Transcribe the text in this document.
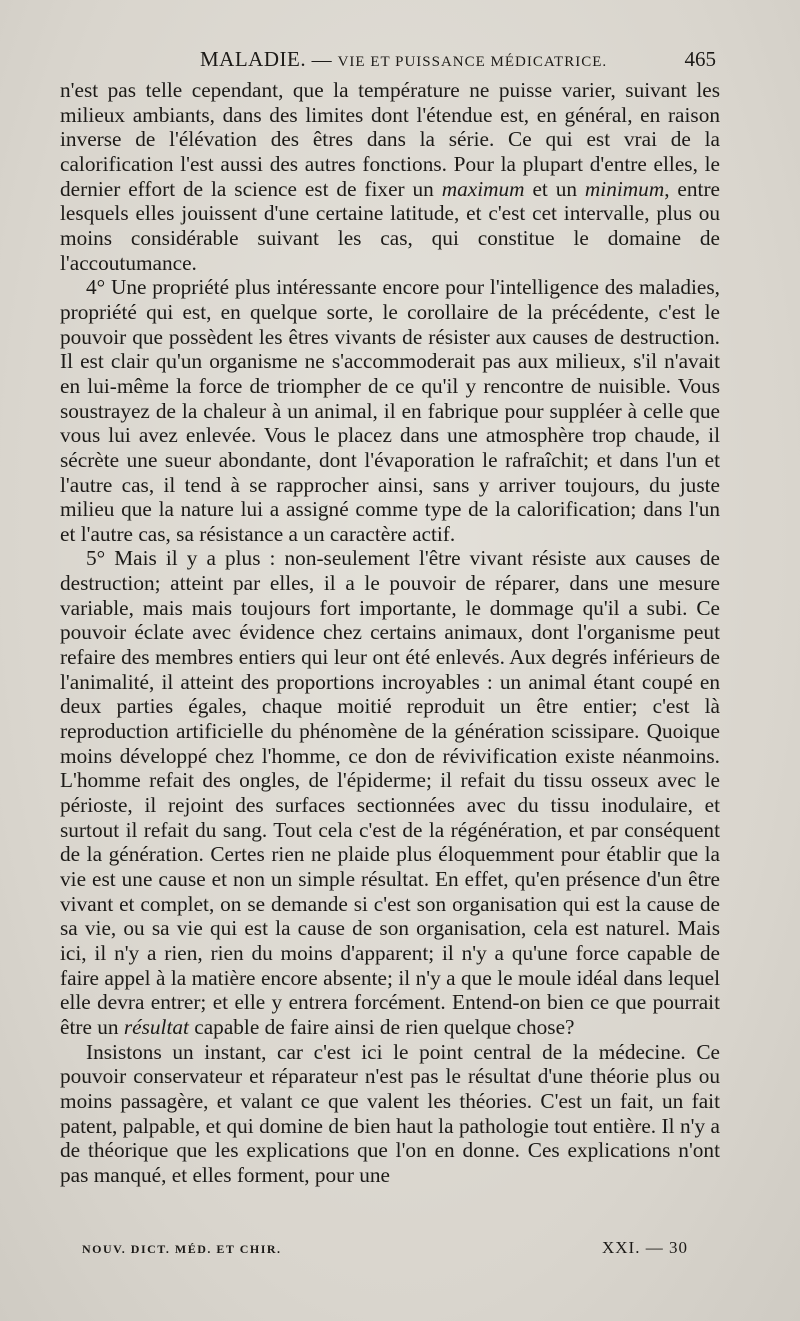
MALADIE. — VIE ET PUISSANCE MÉDICATRICE.	465

n'est pas telle cependant, que la température ne puisse varier, suivant les milieux ambiants, dans des limites dont l'étendue est, en général, en raison inverse de l'élévation des êtres dans la série. Ce qui est vrai de la calorification l'est aussi des autres fonctions. Pour la plupart d'entre elles, le dernier effort de la science est de fixer un maximum et un minimum, entre lesquels elles jouissent d'une certaine latitude, et c'est cet intervalle, plus ou moins considérable suivant les cas, qui constitue le domaine de l'accoutumance.

4° Une propriété plus intéressante encore pour l'intelligence des maladies, propriété qui est, en quelque sorte, le corollaire de la précédente, c'est le pouvoir que possèdent les êtres vivants de résister aux causes de destruction. Il est clair qu'un organisme ne s'accommoderait pas aux milieux, s'il n'avait en lui-même la force de triompher de ce qu'il y rencontre de nuisible. Vous soustrayez de la chaleur à un animal, il en fabrique pour suppléer à celle que vous lui avez enlevée. Vous le placez dans une atmosphère trop chaude, il sécrète une sueur abondante, dont l'évaporation le rafraîchit; et dans l'un et l'autre cas, il tend à se rapprocher ainsi, sans y arriver toujours, du juste milieu que la nature lui a assigné comme type de la calorification; dans l'un et l'autre cas, sa résistance a un caractère actif.

5° Mais il y a plus : non-seulement l'être vivant résiste aux causes de destruction; atteint par elles, il a le pouvoir de réparer, dans une mesure variable, mais mais toujours fort importante, le dommage qu'il a subi. Ce pouvoir éclate avec évidence chez certains animaux, dont l'organisme peut refaire des membres entiers qui leur ont été enlevés. Aux degrés inférieurs de l'animalité, il atteint des proportions incroyables : un animal étant coupé en deux parties égales, chaque moitié reproduit un être entier; c'est là reproduction artificielle du phénomène de la génération scissipare. Quoique moins développé chez l'homme, ce don de révivification existe néanmoins. L'homme refait des ongles, de l'épiderme; il refait du tissu osseux avec le périoste, il rejoint des surfaces sectionnées avec du tissu inodulaire, et surtout il refait du sang. Tout cela c'est de la régénération, et par conséquent de la génération. Certes rien ne plaide plus éloquemment pour établir que la vie est une cause et non un simple résultat. En effet, qu'en présence d'un être vivant et complet, on se demande si c'est son organisation qui est la cause de sa vie, ou sa vie qui est la cause de son organisation, cela est naturel. Mais ici, il n'y a rien, rien du moins d'apparent; il n'y a qu'une force capable de faire appel à la matière encore absente; il n'y a que le moule idéal dans lequel elle devra entrer; et elle y entrera forcément. Entend-on bien ce que pourrait être un résultat capable de faire ainsi de rien quelque chose?

Insistons un instant, car c'est ici le point central de la médecine. Ce pouvoir conservateur et réparateur n'est pas le résultat d'une théorie plus ou moins passagère, et valant ce que valent les théories. C'est un fait, un fait patent, palpable, et qui domine de bien haut la pathologie tout entière. Il n'y a de théorique que les explications que l'on en donne. Ces explications n'ont pas manqué, et elles forment, pour une

NOUV. DICT. MÉD. ET CHIR.	XXI. — 30
